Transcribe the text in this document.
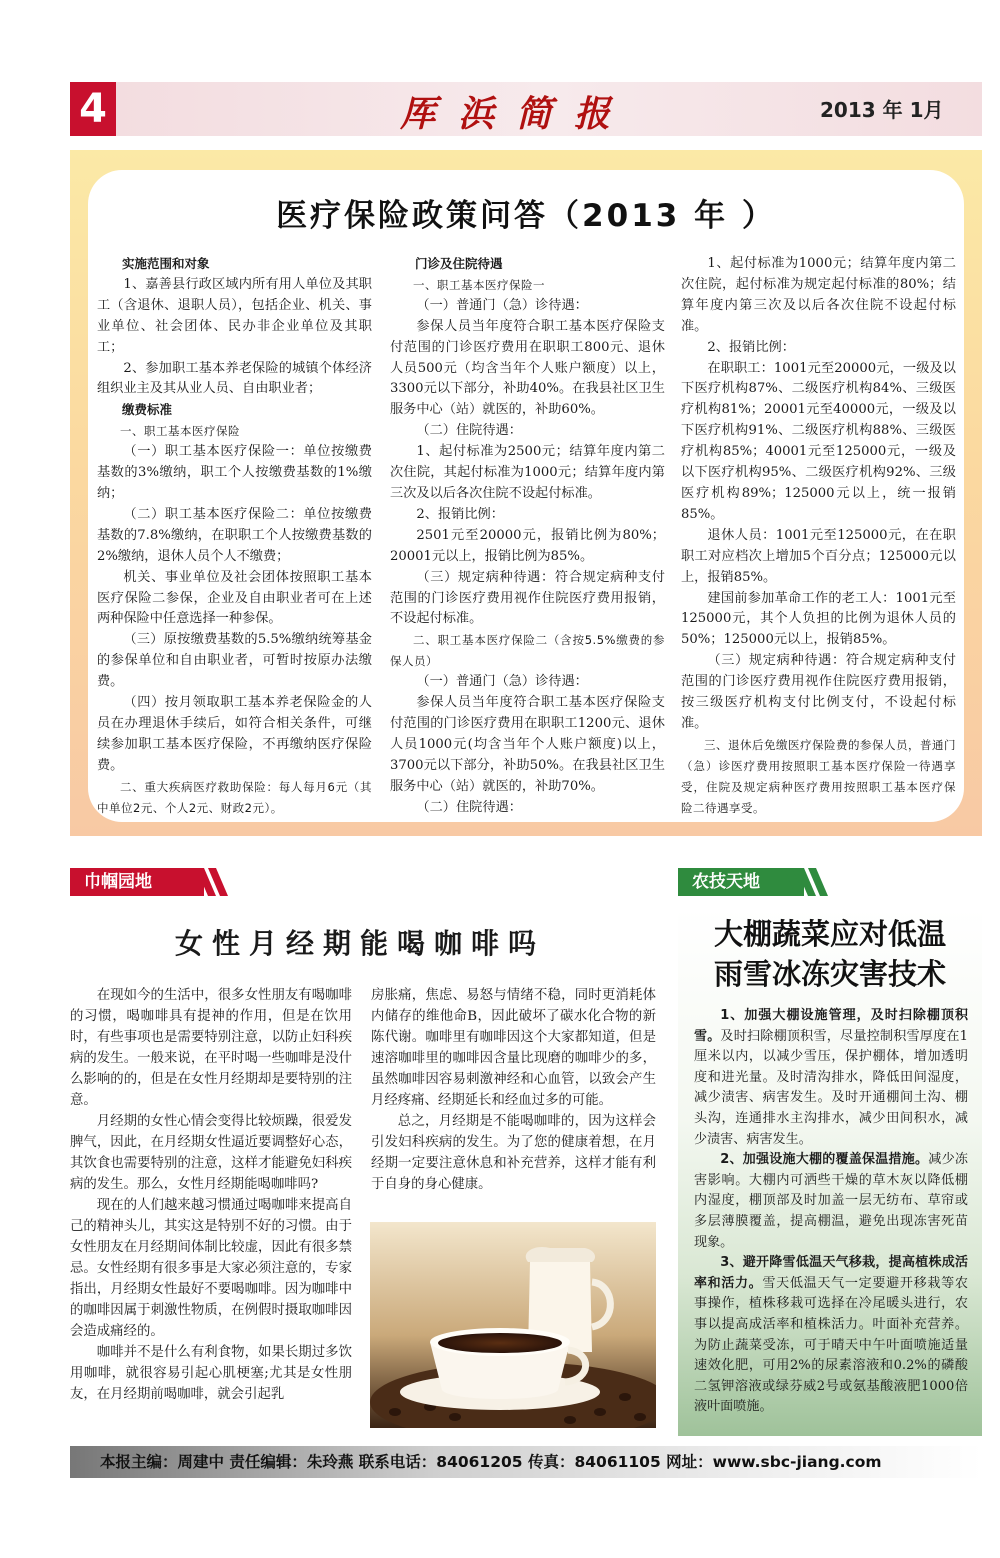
4	厍浜简报	2013 年 1月
医疗保险政策问答（2013 年 ）

实施范围和对象

1、嘉善县行政区域内所有用人单位及其职工（含退休、退职人员），包括企业、机关、事业单位、社会团体、民办非企业单位及其职工；

2、参加职工基本养老保险的城镇个体经济组织业主及其从业人员、自由职业者；

缴费标准

一、职工基本医疗保险

（一）职工基本医疗保险一：单位按缴费基数的3%缴纳，职工个人按缴费基数的1%缴纳；

（二）职工基本医疗保险二：单位按缴费基数的7.8%缴纳，在职职工个人按缴费基数的2%缴纳，退休人员个人不缴费；

机关、事业单位及社会团体按照职工基本医疗保险二参保，企业及自由职业者可在上述两种保险中任意选择一种参保。

（三）原按缴费基数的5.5%缴纳统筹基金的参保单位和自由职业者，可暂时按原办法缴费。

（四）按月领取职工基本养老保险金的人员在办理退休手续后，如符合相关条件，可继续参加职工基本医疗保险，不再缴纳医疗保险费。

二、重大疾病医疗救助保险：每人每月6元（其中单位2元、个人2元、财政2元）。

门诊及住院待遇

一、职工基本医疗保险一

（一）普通门（急）诊待遇：

参保人员当年度符合职工基本医疗保险支付范围的门诊医疗费用在职职工800元、退休人员500元（均含当年个人账户额度）以上，3300元以下部分，补助40%。在我县社区卫生服务中心（站）就医的，补助60%。

（二）住院待遇：

1、起付标准为2500元；结算年度内第二次住院，其起付标准为1000元；结算年度内第三次及以后各次住院不设起付标准。

2、报销比例：

2501元至20000元，报销比例为80%；20001元以上，报销比例为85%。

（三）规定病种待遇：符合规定病种支付范围的门诊医疗费用视作住院医疗费用报销，不设起付标准。

二、职工基本医疗保险二（含按5.5%缴费的参保人员）

（一）普通门（急）诊待遇：

参保人员当年度符合职工基本医疗保险支付范围的门诊医疗费用在职职工1200元、退休人员1000元(均含当年个人账户额度)以上，3700元以下部分，补助50%。在我县社区卫生服务中心（站）就医的，补助70%。

（二）住院待遇：

1、起付标准为1000元；结算年度内第二次住院，起付标准为规定起付标准的80%；结算年度内第三次及以后各次住院不设起付标准。

2、报销比例：

在职职工：1001元至20000元，一级及以下医疗机构87%、二级医疗机构84%、三级医疗机构81%；20001元至40000元，一级及以下医疗机构91%、二级医疗机构88%、三级医疗机构85%；40001元至125000元，一级及以下医疗机构95%、二级医疗机构92%、三级医疗机构89%；125000元以上，统一报销85%。

退休人员：1001元至125000元，在在职职工对应档次上增加5个百分点；125000元以上，报销85%。

建国前参加革命工作的老工人：1001元至125000元，其个人负担的比例为退休人员的50%；125000元以上，报销85%。

（三）规定病种待遇：符合规定病种支付范围的门诊医疗费用视作住院医疗费用报销，按三级医疗机构支付比例支付，不设起付标准。

三、退休后免缴医疗保险费的参保人员，普通门（急）诊医疗费用按照职工基本医疗保险一待遇享受，住院及规定病种医疗费用按照职工基本医疗保险二待遇享受。

巾帼园地
女性月经期能喝咖啡吗

在现如今的生活中，很多女性朋友有喝咖啡的习惯，喝咖啡具有提神的作用，但是在饮用时，有些事项也是需要特别注意，以防止妇科疾病的发生。一般来说，在平时喝一些咖啡是没什么影响的的，但是在女性月经期却是要特别的注意。

月经期的女性心情会变得比较烦躁，很爱发脾气，因此，在月经期女性逼近要调整好心态，其饮食也需要特别的注意，这样才能避免妇科疾病的发生。那么，女性月经期能喝咖啡吗?

现在的人们越来越习惯通过喝咖啡来提高自己的精神头儿，其实这是特别不好的习惯。由于女性朋友在月经期间体制比较虚，因此有很多禁忌。女性经期有很多事是大家必须注意的，专家指出，月经期女性最好不要喝咖啡。因为咖啡中的咖啡因属于刺激性物质，在例假时摄取咖啡因会造成痛经的。

咖啡并不是什么有利食物，如果长期过多饮用咖啡，就很容易引起心肌梗塞;尤其是女性朋友，在月经期前喝咖啡，就会引起乳

房胀痛，焦虑、易怒与情绪不稳，同时更消耗体内储存的维他命B，因此破坏了碳水化合物的新陈代谢。咖啡里有咖啡因这个大家都知道，但是速溶咖啡里的咖啡因含量比现磨的咖啡少的多，虽然咖啡因容易刺激神经和心血管，以致会产生月经疼痛、经期延长和经血过多的可能。

总之，月经期是不能喝咖啡的，因为这样会引发妇科疾病的发生。为了您的健康着想，在月经期一定要注意休息和补充营养，这样才能有利于自身的身心健康。

农技天地
大棚蔬菜应对低温
雨雪冰冻灾害技术

1、加强大棚设施管理，及时扫除棚顶积雪。及时扫除棚顶积雪，尽量控制积雪厚度在1厘米以内，以减少雪压，保护棚体，增加透明度和进光量。及时清沟排水，降低田间湿度，减少渍害、病害发生。及时开通棚间土沟、棚头沟，连通排水主沟排水，减少田间积水，减少渍害、病害发生。

2、加强设施大棚的覆盖保温措施。减少冻害影响。大棚内可洒些干燥的草木灰以降低棚内湿度，棚顶部及时加盖一层无纺布、草帘或多层薄膜覆盖，提高棚温，避免出现冻害死苗现象。

3、避开降雪低温天气移栽，提高植株成活率和活力。雪天低温天气一定要避开移栽等农事操作，植株移栽可选择在冷尾暖头进行，农事以提高成活率和植株活力。叶面补充营养。为防止蔬菜受冻，可于晴天中午叶面喷施适量速效化肥，可用2%的尿素溶液和0.2%的磷酸二氢钾溶液或绿芬威2号或氨基酸液肥1000倍液叶面喷施。

本报主编：周建中 责任编辑：朱玲燕 联系电话：84061205 传真：84061105 网址：www.sbc-jiang.com
